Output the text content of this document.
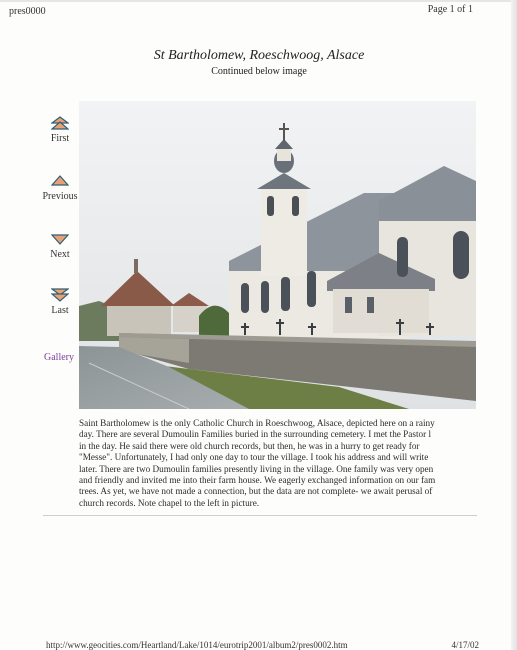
pres0000	Page 1 of 1
St Bartholomew, Roeschwoog, Alsace
Continued below image
First
Previous
Next
Last
Gallery
Saint Bartholomew is the only Catholic Church in Roeschwoog, Alsace, depicted here on a rainy
day. There are several Dumoulin Families buried in the surrounding cemetery. I met the Pastor l
in the day. He said there were old church records, but then, he was in a hurry to get ready for
"Messe". Unfortunately, I had only one day to tour the village. I took his address and will write
later. There are two Dumoulin families presently living in the village. One family was very open
and friendly and invited me into their farm house. We eagerly exchanged information on our fam
trees. As yet, we have not made a connection, but the data are not complete- we await perusal of
church records. Note chapel to the left in picture.
http://www.geocities.com/Heartland/Lake/1014/eurotrip2001/album2/pres0002.htm	4/17/02
